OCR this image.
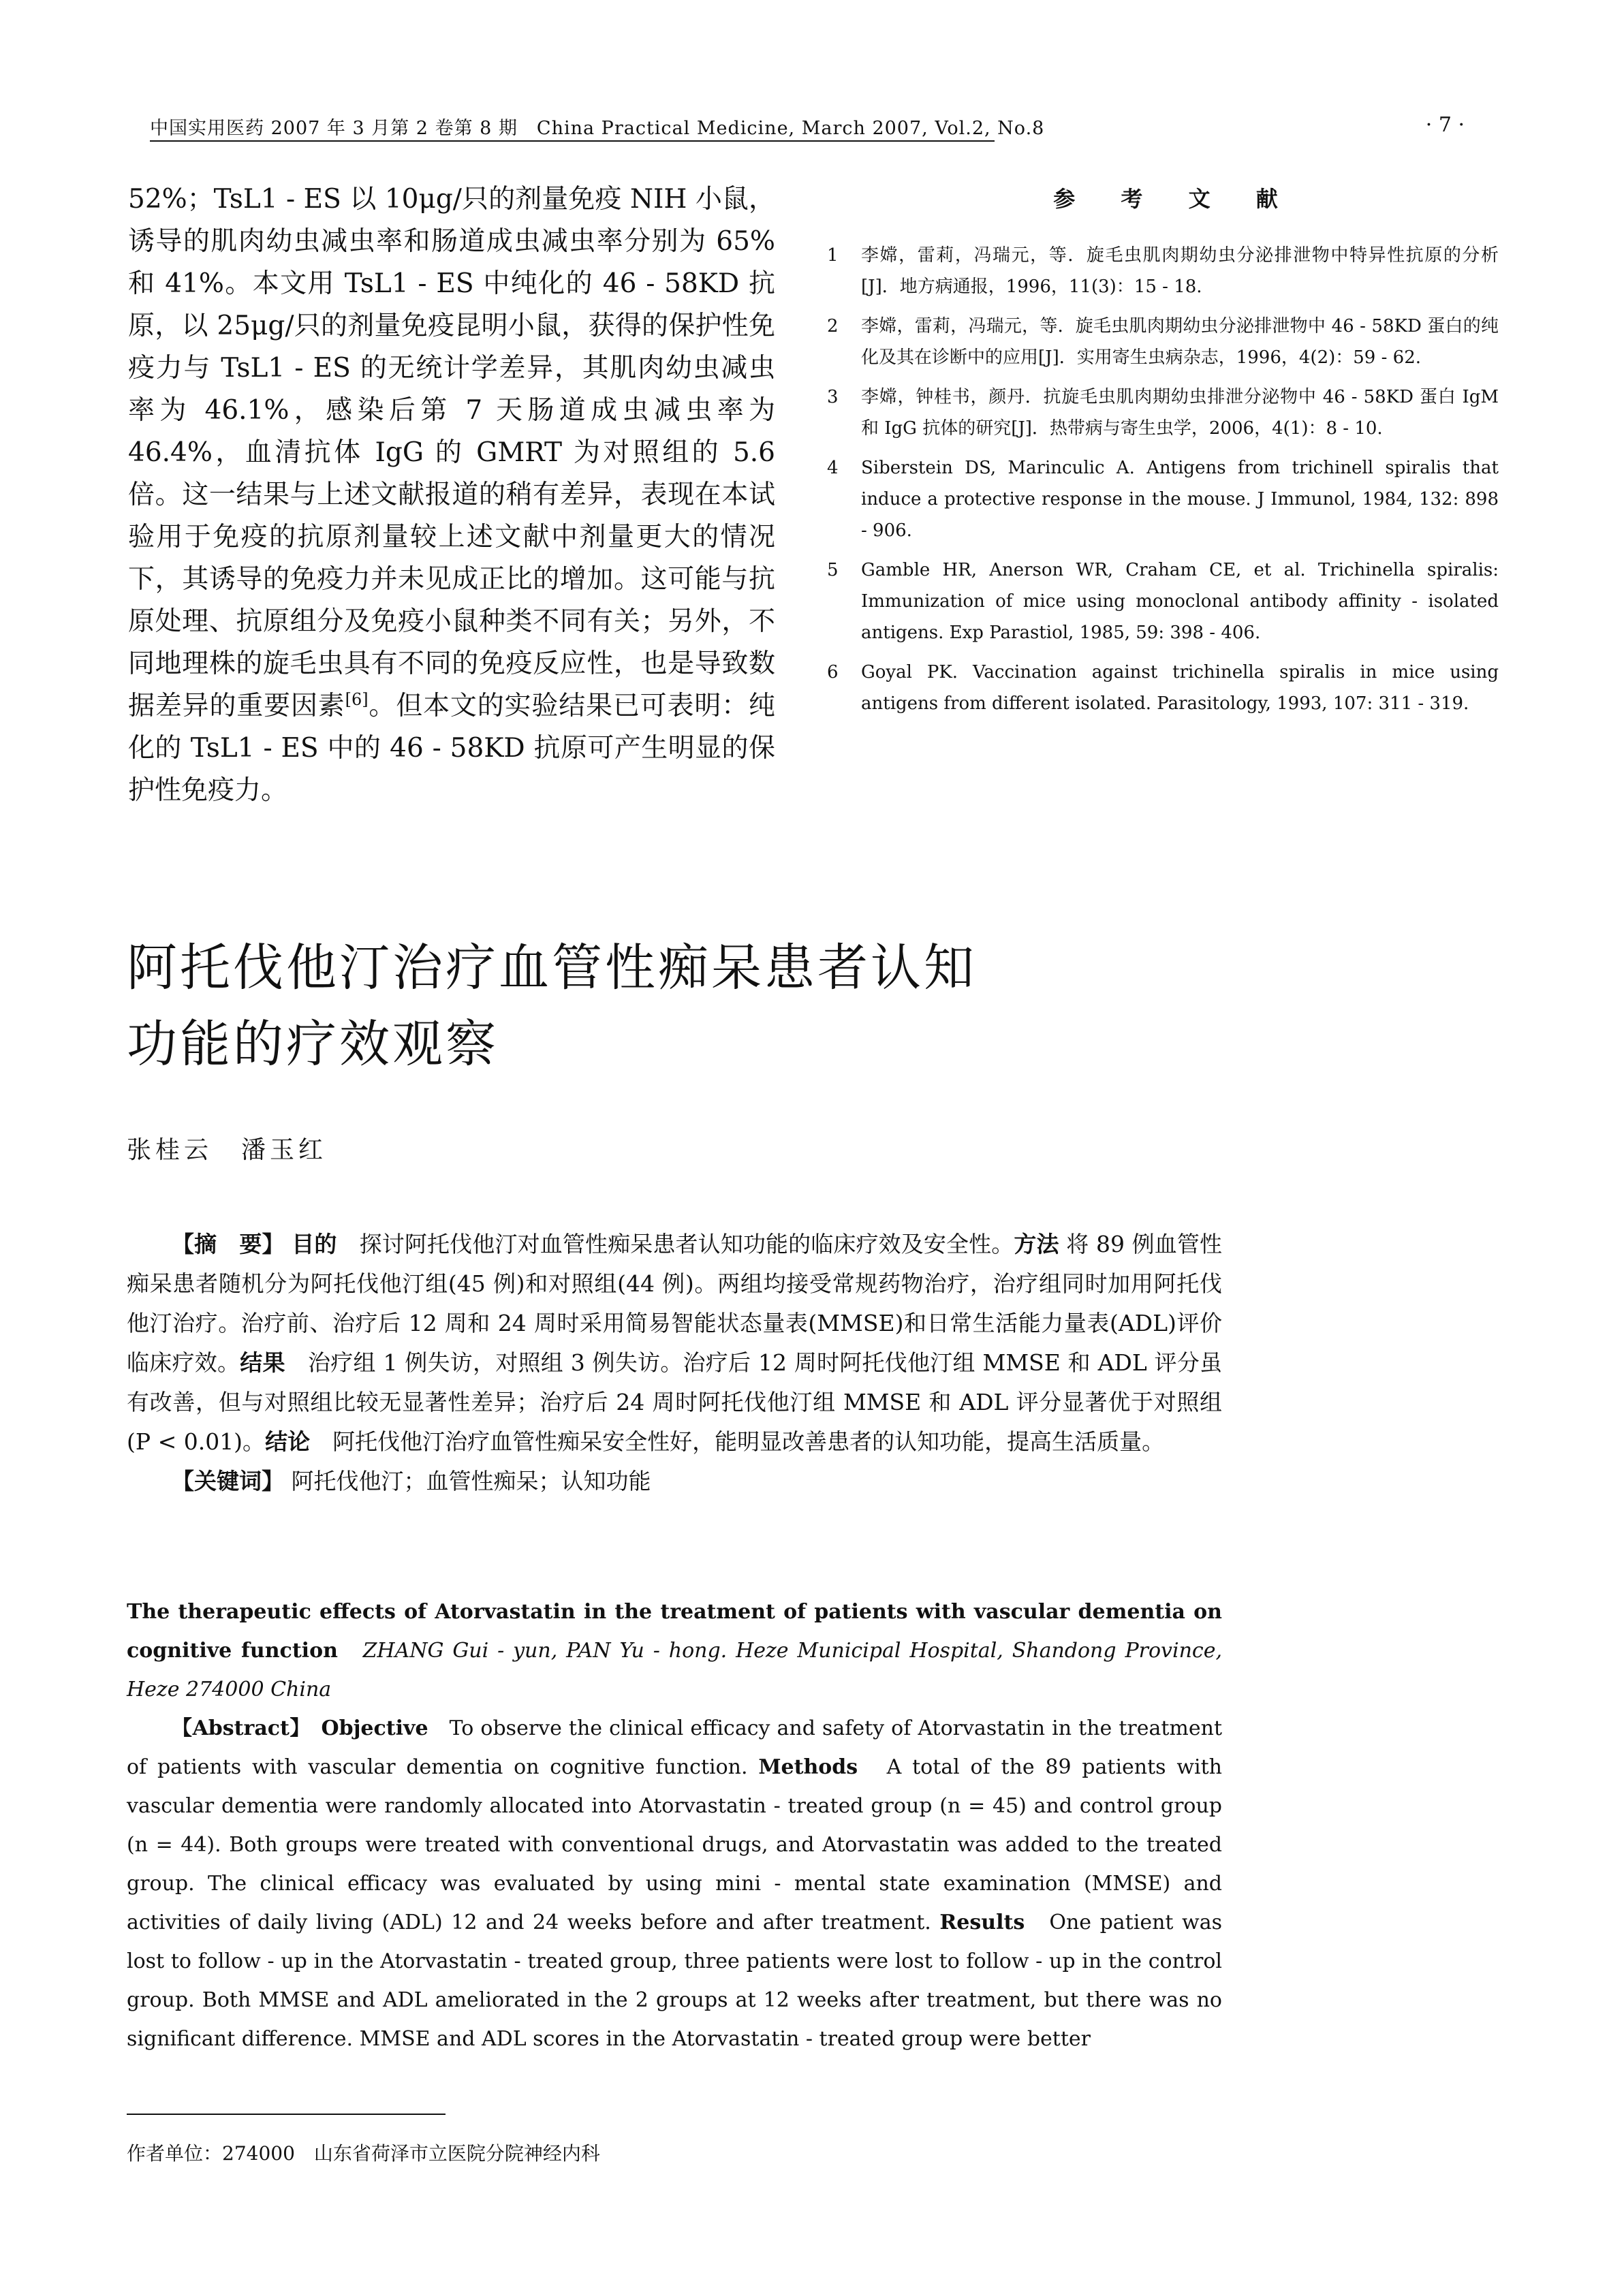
中国实用医药 2007 年 3 月第 2 卷第 8 期　China Practical Medicine, March 2007, Vol.2, No.8	· 7 ·

52%；TsL1 - ES 以 10μg/只的剂量免疫 NIH 小鼠，诱导的肌肉幼虫减虫率和肠道成虫减虫率分别为 65%和 41%。本文用 TsL1 - ES 中纯化的 46 - 58KD 抗原，以 25μg/只的剂量免疫昆明小鼠，获得的保护性免疫力与 TsL1 - ES 的无统计学差异，其肌肉幼虫减虫率为 46.1%，感染后第 7 天肠道成虫减虫率为 46.4%，血清抗体 IgG 的 GMRT 为对照组的 5.6 倍。这一结果与上述文献报道的稍有差异，表现在本试验用于免疫的抗原剂量较上述文献中剂量更大的情况下，其诱导的免疫力并未见成正比的增加。这可能与抗原处理、抗原组分及免疫小鼠种类不同有关；另外，不同地理株的旋毛虫具有不同的免疫反应性，也是导致数据差异的重要因素[6]。但本文的实验结果已可表明：纯化的 TsL1 - ES 中的 46 - 58KD 抗原可产生明显的保护性免疫力。

参 考 文 献
1 李嫦，雷莉，冯瑞元，等．旋毛虫肌肉期幼虫分泌排泄物中特异性抗原的分析[J]．地方病通报，1996，11(3)：15 - 18.
2 李嫦，雷莉，冯瑞元，等．旋毛虫肌肉期幼虫分泌排泄物中 46 - 58KD 蛋白的纯化及其在诊断中的应用[J]．实用寄生虫病杂志，1996，4(2)：59 - 62.
3 李嫦，钟桂书，颜丹．抗旋毛虫肌肉期幼虫排泄分泌物中 46 - 58KD 蛋白 IgM 和 IgG 抗体的研究[J]．热带病与寄生虫学，2006，4(1)：8 - 10.
4 Siberstein DS, Marinculic A. Antigens from trichinell spiralis that induce a protective response in the mouse. J Immunol, 1984, 132: 898 - 906.
5 Gamble HR, Anerson WR, Craham CE, et al. Trichinella spiralis: Immunization of mice using monoclonal antibody affinity - isolated antigens. Exp Parastiol, 1985, 59: 398 - 406.
6 Goyal PK. Vaccination against trichinella spiralis in mice using antigens from different isolated. Parasitology, 1993, 107: 311 - 319.
阿托伐他汀治疗血管性痴呆患者认知
功能的疗效观察
张桂云　潘玉红

【摘　要】 目的　 探讨阿托伐他汀对血管性痴呆患者认知功能的临床疗效及安全性。方法 将 89 例血管性痴呆患者随机分为阿托伐他汀组(45 例)和对照组(44 例)。两组均接受常规药物治疗，治疗组同时加用阿托伐他汀治疗。治疗前、治疗后 12 周和 24 周时采用简易智能状态量表(MMSE)和日常生活能力量表(ADL)评价临床疗效。结果　 治疗组 1 例失访，对照组 3 例失访。治疗后 12 周时阿托伐他汀组 MMSE 和 ADL 评分虽有改善，但与对照组比较无显著性差异；治疗后 24 周时阿托伐他汀组 MMSE 和 ADL 评分显著优于对照组(P < 0.01)。结论　 阿托伐他汀治疗血管性痴呆安全性好，能明显改善患者的认知功能，提高生活质量。

【关键词】 阿托伐他汀；血管性痴呆；认知功能

The therapeutic effects of Atorvastatin in the treatment of patients with vascular dementia on cognitive function　 ZHANG Gui - yun, PAN Yu - hong. Heze Municipal Hospital, Shandong Province, Heze 274000 China

【Abstract】　 Objective　 To observe the clinical efficacy and safety of Atorvastatin in the treatment of patients with vascular dementia on cognitive function. Methods　 A total of the 89 patients with vascular dementia were randomly allocated into Atorvastatin - treated group (n = 45) and control group (n = 44). Both groups were treated with conventional drugs, and Atorvastatin was added to the treated group. The clinical efficacy was evaluated by using mini - mental state examination (MMSE) and activities of daily living (ADL) 12 and 24 weeks before and after treatment. Results　 One patient was lost to follow - up in the Atorvastatin - treated group, three patients were lost to follow - up in the control group. Both MMSE and ADL ameliorated in the 2 groups at 12 weeks after treatment, but there was no significant difference. MMSE and ADL scores in the Atorvastatin - treated group were better

作者单位：274000　山东省荷泽市立医院分院神经内科
